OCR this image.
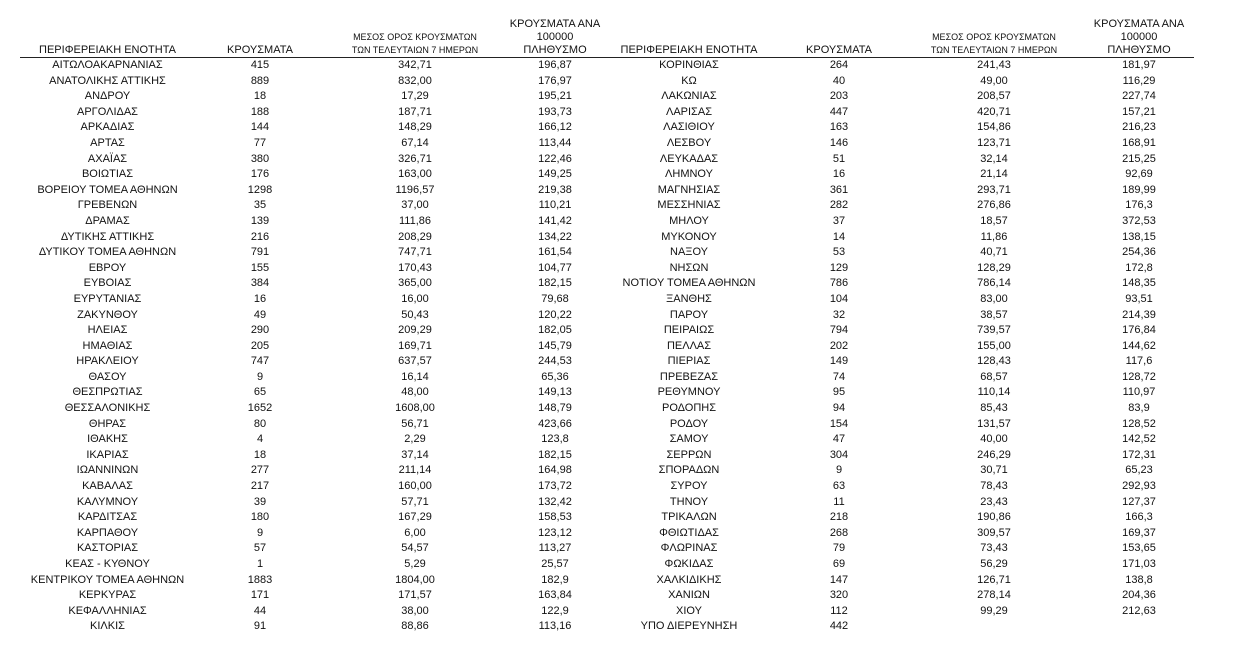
ΠΕΡΙΦΕΡΕΙΑΚΗ ΕΝΟΤΗΤΑ	ΚΡΟΥΣΜΑΤΑ	ΜΕΣΟΣ ΟΡΟΣ ΚΡΟΥΣΜΑΤΩΝ
ΤΩΝ ΤΕΛΕΥΤΑΙΩΝ 7 ΗΜΕΡΩΝ	ΚΡΟΥΣΜΑΤΑ ΑΝΑ 100000
ΠΛΗΘΥΣΜΟ
ΑΙΤΩΛΟΑΚΑΡΝΑΝΙΑΣ	415	342,71	196,87
ΑΝΑΤΟΛΙΚΗΣ ΑΤΤΙΚΗΣ	889	832,00	176,97
ΑΝΔΡΟΥ	18	17,29	195,21
ΑΡΓΟΛΙΔΑΣ	188	187,71	193,73
ΑΡΚΑΔΙΑΣ	144	148,29	166,12
ΑΡΤΑΣ	77	67,14	113,44
ΑΧΑΪΑΣ	380	326,71	122,46
ΒΟΙΩΤΙΑΣ	176	163,00	149,25
ΒΟΡΕΙΟΥ ΤΟΜΕΑ ΑΘΗΝΩΝ	1298	1196,57	219,38
ΓΡΕΒΕΝΩΝ	35	37,00	110,21
ΔΡΑΜΑΣ	139	111,86	141,42
ΔΥΤΙΚΗΣ ΑΤΤΙΚΗΣ	216	208,29	134,22
ΔΥΤΙΚΟΥ ΤΟΜΕΑ ΑΘΗΝΩΝ	791	747,71	161,54
ΕΒΡΟΥ	155	170,43	104,77
ΕΥΒΟΙΑΣ	384	365,00	182,15
ΕΥΡΥΤΑΝΙΑΣ	16	16,00	79,68
ΖΑΚΥΝΘΟΥ	49	50,43	120,22
ΗΛΕΙΑΣ	290	209,29	182,05
ΗΜΑΘΙΑΣ	205	169,71	145,79
ΗΡΑΚΛΕΙΟΥ	747	637,57	244,53
ΘΑΣΟΥ	9	16,14	65,36
ΘΕΣΠΡΩΤΙΑΣ	65	48,00	149,13
ΘΕΣΣΑΛΟΝΙΚΗΣ	1652	1608,00	148,79
ΘΗΡΑΣ	80	56,71	423,66
ΙΘΑΚΗΣ	4	2,29	123,8
ΙΚΑΡΙΑΣ	18	37,14	182,15
ΙΩΑΝΝΙΝΩΝ	277	211,14	164,98
ΚΑΒΑΛΑΣ	217	160,00	173,72
ΚΑΛΥΜΝΟΥ	39	57,71	132,42
ΚΑΡΔΙΤΣΑΣ	180	167,29	158,53
ΚΑΡΠΑΘΟΥ	9	6,00	123,12
ΚΑΣΤΟΡΙΑΣ	57	54,57	113,27
ΚΕΑΣ - ΚΥΘΝΟΥ	1	5,29	25,57
ΚΕΝΤΡΙΚΟΥ ΤΟΜΕΑ ΑΘΗΝΩΝ	1883	1804,00	182,9
ΚΕΡΚΥΡΑΣ	171	171,57	163,84
ΚΕΦΑΛΛΗΝΙΑΣ	44	38,00	122,9
ΚΙΛΚΙΣ	91	88,86	113,16
ΠΕΡΙΦΕΡΕΙΑΚΗ ΕΝΟΤΗΤΑ	ΚΡΟΥΣΜΑΤΑ	ΜΕΣΟΣ ΟΡΟΣ ΚΡΟΥΣΜΑΤΩΝ
ΤΩΝ ΤΕΛΕΥΤΑΙΩΝ 7 ΗΜΕΡΩΝ	ΚΡΟΥΣΜΑΤΑ ΑΝΑ 100000
ΠΛΗΘΥΣΜΟ
ΚΟΡΙΝΘΙΑΣ	264	241,43	181,97
ΚΩ	40	49,00	116,29
ΛΑΚΩΝΙΑΣ	203	208,57	227,74
ΛΑΡΙΣΑΣ	447	420,71	157,21
ΛΑΣΙΘΙΟΥ	163	154,86	216,23
ΛΕΣΒΟΥ	146	123,71	168,91
ΛΕΥΚΑΔΑΣ	51	32,14	215,25
ΛΗΜΝΟΥ	16	21,14	92,69
ΜΑΓΝΗΣΙΑΣ	361	293,71	189,99
ΜΕΣΣΗΝΙΑΣ	282	276,86	176,3
ΜΗΛΟΥ	37	18,57	372,53
ΜΥΚΟΝΟΥ	14	11,86	138,15
ΝΑΞΟΥ	53	40,71	254,36
ΝΗΣΩΝ	129	128,29	172,8
ΝΟΤΙΟΥ ΤΟΜΕΑ ΑΘΗΝΩΝ	786	786,14	148,35
ΞΑΝΘΗΣ	104	83,00	93,51
ΠΑΡΟΥ	32	38,57	214,39
ΠΕΙΡΑΙΩΣ	794	739,57	176,84
ΠΕΛΛΑΣ	202	155,00	144,62
ΠΙΕΡΙΑΣ	149	128,43	117,6
ΠΡΕΒΕΖΑΣ	74	68,57	128,72
ΡΕΘΥΜΝΟΥ	95	110,14	110,97
ΡΟΔΟΠΗΣ	94	85,43	83,9
ΡΟΔΟΥ	154	131,57	128,52
ΣΑΜΟΥ	47	40,00	142,52
ΣΕΡΡΩΝ	304	246,29	172,31
ΣΠΟΡΑΔΩΝ	9	30,71	65,23
ΣΥΡΟΥ	63	78,43	292,93
ΤΗΝΟΥ	11	23,43	127,37
ΤΡΙΚΑΛΩΝ	218	190,86	166,3
ΦΘΙΩΤΙΔΑΣ	268	309,57	169,37
ΦΛΩΡΙΝΑΣ	79	73,43	153,65
ΦΩΚΙΔΑΣ	69	56,29	171,03
ΧΑΛΚΙΔΙΚΗΣ	147	126,71	138,8
ΧΑΝΙΩΝ	320	278,14	204,36
ΧΙΟΥ	112	99,29	212,63
ΥΠΟ ΔΙΕΡΕΥΝΗΣΗ	442		
